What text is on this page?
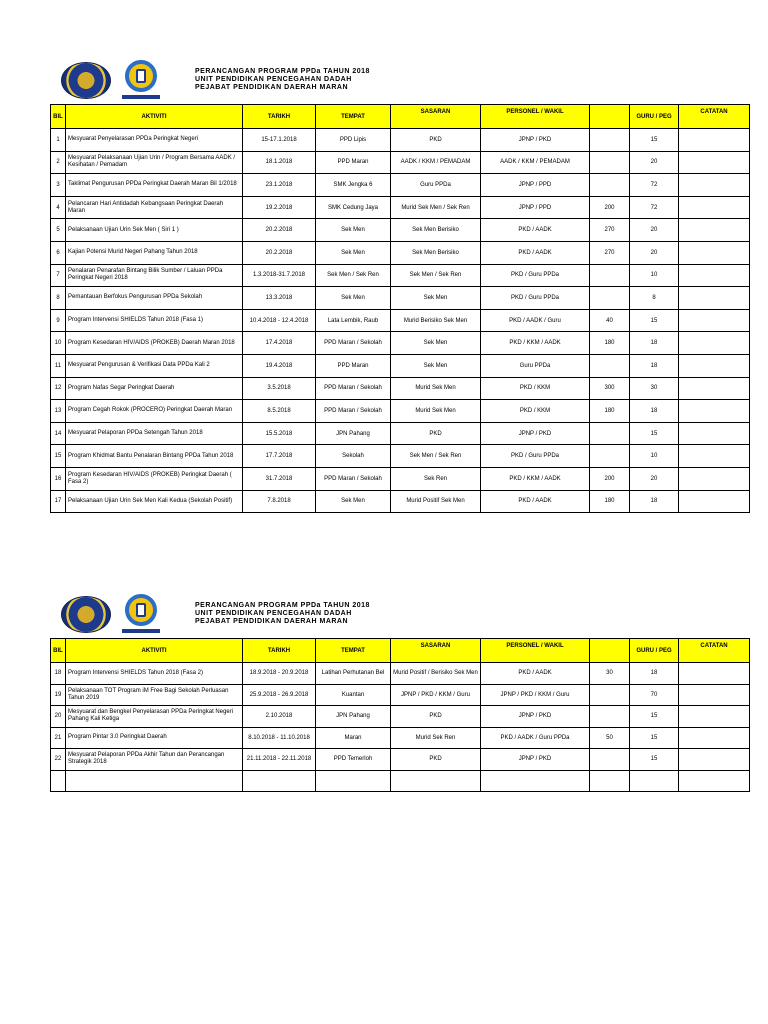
PERANCANGAN PROGRAM PPDa TAHUN 2018
UNIT PENDIDIKAN PENCEGAHAN DADAH
PEJABAT PENDIDIKAN DAERAH MARAN
BIL	AKTIVITI	TARIKH	TEMPAT	SASARAN	PERSONEL / WAKIL		GURU / PEG	CATATAN
1	Mesyuarat Penyelarasan PPDa Peringkat Negeri	15-17.1.2018	PPD Lipis	PKD	JPNP / PKD		15	
2	Mesyuarat Pelaksanaan Ujian Urin / Program Bersama AADK / Kesihatan / Pemadam	18.1.2018	PPD Maran	AADK / KKM / PEMADAM	AADK / KKM / PEMADAM		20	
3	Taklimat Pengurusan PPDa Peringkat Daerah Maran Bil 1/2018	23.1.2018	SMK Jengka 6	Guru PPDa	JPNP / PPD		72	
4	Pelancaran Hari Antidadah Kebangsaan Peringkat Daerah Maran	19.2.2018	SMK Cedung Jaya	Murid Sek Men / Sek Ren	JPNP / PPD	200	72	
5	Pelaksanaan Ujian Urin Sek Men ( Siri 1 )	20.2.2018	Sek Men	Sek Men Berisiko	PKD / AADK	270	20	
6	Kajian Potensi Murid Negeri Pahang Tahun 2018	20.2.2018	Sek Men	Sek Men Berisiko	PKD / AADK	270	20	
7	Penalaran Penarafan Bintang Bilik Sumber / Laluan PPDa Peringkat Negeri 2018	1.3.2018-31.7.2018	Sek Men / Sek Ren	Sek Men / Sek Ren	PKD / Guru PPDa		10	
8	Pemantauan Berfokus Pengurusan PPDa Sekolah	13.3.2018	Sek Men	Sek Men	PKD / Guru PPDa		8	
9	Program Intervensi SHIELDS Tahun 2018 (Fasa 1)	10.4.2018 - 12.4.2018	Lata Lembik, Raub	Murid Berisiko Sek Men	PKD / AADK / Guru	40	15	
10	Program Kesedaran HIV/AIDS (PROKEB) Daerah Maran 2018	17.4.2018	PPD Maran / Sekolah	Sek Men	PKD / KKM / AADK	180	18	
11	Mesyuarat Pengurusan & Verifikasi Data PPDa Kali 2	19.4.2018	PPD Maran	Sek Men	Guru PPDa		18	
12	Program Nafas Segar Peringkat Daerah	3.5.2018	PPD Maran / Sekolah	Murid Sek Men	PKD / KKM	300	30	
13	Program Cegah Rokok (PROCERO) Peringkat Daerah Maran	8.5.2018	PPD Maran / Sekolah	Murid Sek Men	PKD / KKM	180	18	
14	Mesyuarat Pelaporan PPDa Setengah Tahun 2018	15.5.2018	JPN Pahang	PKD	JPNP / PKD		15	
15	Program Khidmat Bantu Penalaran Bintang PPDa Tahun 2018	17.7.2018	Sekolah	Sek Men / Sek Ren	PKD / Guru PPDa		10	
16	Program Kesedaran HIV/AIDS (PROKEB) Peringkat Daerah ( Fasa 2)	31.7.2018	PPD Maran / Sekolah	Sek Ren	PKD / KKM / AADK	200	20	
17	Pelaksanaan Ujian Urin Sek Men Kali Kedua (Sekolah Positif)	7.8.2018	Sek Men	Murid Positif Sek Men	PKD / AADK	180	18	
PERANCANGAN PROGRAM PPDa TAHUN 2018
UNIT PENDIDIKAN PENCEGAHAN DADAH
PEJABAT PENDIDIKAN DAERAH MARAN
BIL	AKTIVITI	TARIKH	TEMPAT	SASARAN	PERSONEL / WAKIL		GURU / PEG	CATATAN
18	Program Intervensi SHIELDS Tahun 2018 (Fasa 2)	18.9.2018 - 20.9.2018	Latihan Perhutanan Bel	Murid Positif / Berisiko Sek Men	PKD / AADK	30	18	
19	Pelaksanaan TOT Program iM Free Bagi Sekolah Perluasan Tahun 2019	25.9.2018 - 26.9.2018	Kuantan	JPNP / PKD / KKM / Guru	JPNP / PKD / KKM / Guru		70	
20	Mesyuarat dan Bengkel Penyelarasan PPDa Peringkat Negeri Pahang Kali Ketiga	2.10.2018	JPN Pahang	PKD	JPNP / PKD		15	
21	Program Pintar 3.0 Peringkat Daerah	8.10.2018 - 11.10.2018	Maran	Murid Sek Ren	PKD / AADK / Guru PPDa	50	15	
22	Mesyuarat Pelaporan PPDa Akhir Tahun dan Perancangan Strategik 2018	21.11.2018 - 22.11.2018	PPD Temerloh	PKD	JPNP / PKD		15	
